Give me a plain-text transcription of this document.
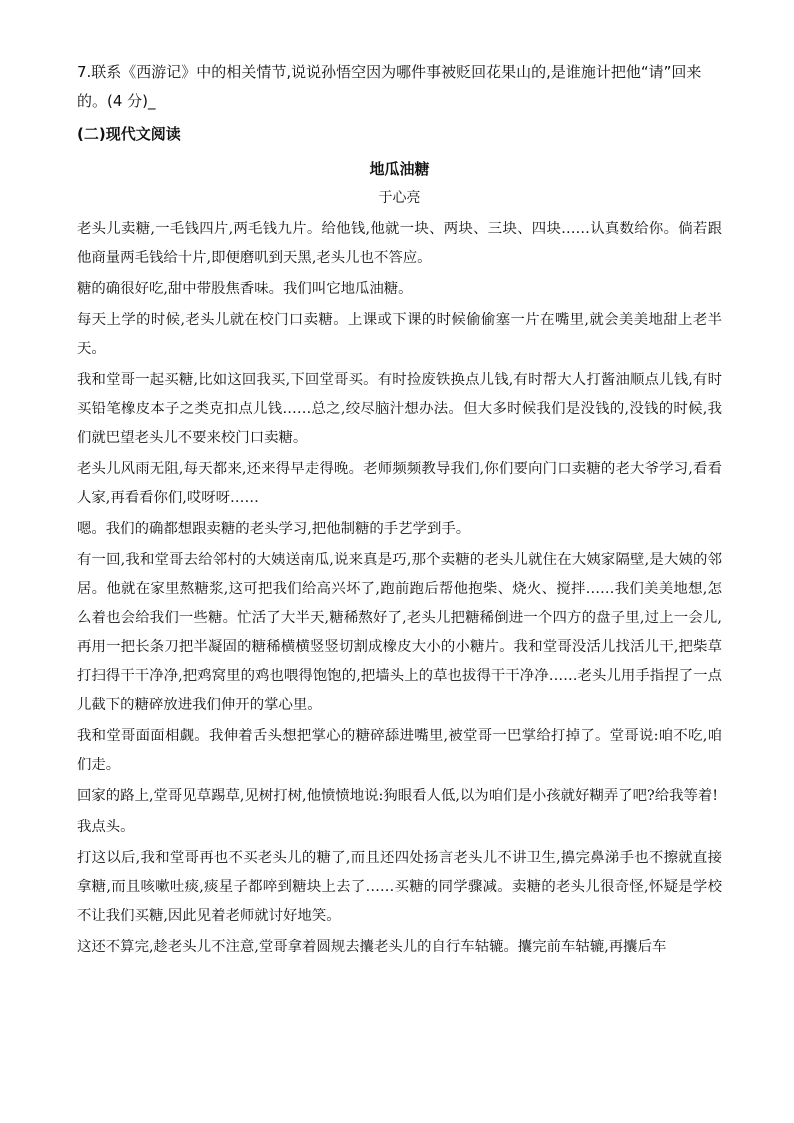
7.联系《西游记》中的相关情节,说说孙悟空因为哪件事被贬回花果山的,是谁施计把他“请”回来的。(4 分)_

(二)现代文阅读

地瓜油糖

于心亮

老头儿卖糖,一毛钱四片,两毛钱九片。给他钱,他就一块、两块、三块、四块……认真数给你。倘若跟他商量两毛钱给十片,即便磨叽到天黑,老头儿也不答应。

糖的确很好吃,甜中带股焦香味。我们叫它地瓜油糖。

每天上学的时候,老头儿就在校门口卖糖。上课或下课的时候偷偷塞一片在嘴里,就会美美地甜上老半天。

我和堂哥一起买糖,比如这回我买,下回堂哥买。有时捡废铁换点儿钱,有时帮大人打酱油顺点儿钱,有时买铅笔橡皮本子之类克扣点儿钱……总之,绞尽脑汁想办法。但大多时候我们是没钱的,没钱的时候,我们就巴望老头儿不要来校门口卖糖。

老头儿风雨无阻,每天都来,还来得早走得晚。老师频频教导我们,你们要向门口卖糖的老大爷学习,看看人家,再看看你们,哎呀呀……

嗯。我们的确都想跟卖糖的老头学习,把他制糖的手艺学到手。

有一回,我和堂哥去给邻村的大姨送南瓜,说来真是巧,那个卖糖的老头儿就住在大姨家隔壁,是大姨的邻居。他就在家里熬糖浆,这可把我们给高兴坏了,跑前跑后帮他抱柴、烧火、搅拌……我们美美地想,怎么着也会给我们一些糖。忙活了大半天,糖稀熬好了,老头儿把糖稀倒进一个四方的盘子里,过上一会儿,再用一把长条刀把半凝固的糖稀横横竖竖切割成橡皮大小的小糖片。我和堂哥没活儿找活儿干,把柴草打扫得干干净净,把鸡窝里的鸡也喂得饱饱的,把墙头上的草也拔得干干净净……老头儿用手指捏了一点儿截下的糖碎放进我们伸开的掌心里。

我和堂哥面面相觑。我伸着舌头想把掌心的糖碎舔进嘴里,被堂哥一巴掌给打掉了。堂哥说:咱不吃,咱们走。

回家的路上,堂哥见草踢草,见树打树,他愤愤地说:狗眼看人低,以为咱们是小孩就好糊弄了吧?给我等着!

我点头。

打这以后,我和堂哥再也不买老头儿的糖了,而且还四处扬言老头儿不讲卫生,擤完鼻涕手也不擦就直接拿糖,而且咳嗽吐痰,痰星子都啐到糖块上去了……买糖的同学骤减。卖糖的老头儿很奇怪,怀疑是学校不让我们买糖,因此见着老师就讨好地笑。

这还不算完,趁老头儿不注意,堂哥拿着圆规去攮老头儿的自行车轱辘。攮完前车轱辘,再攮后车
